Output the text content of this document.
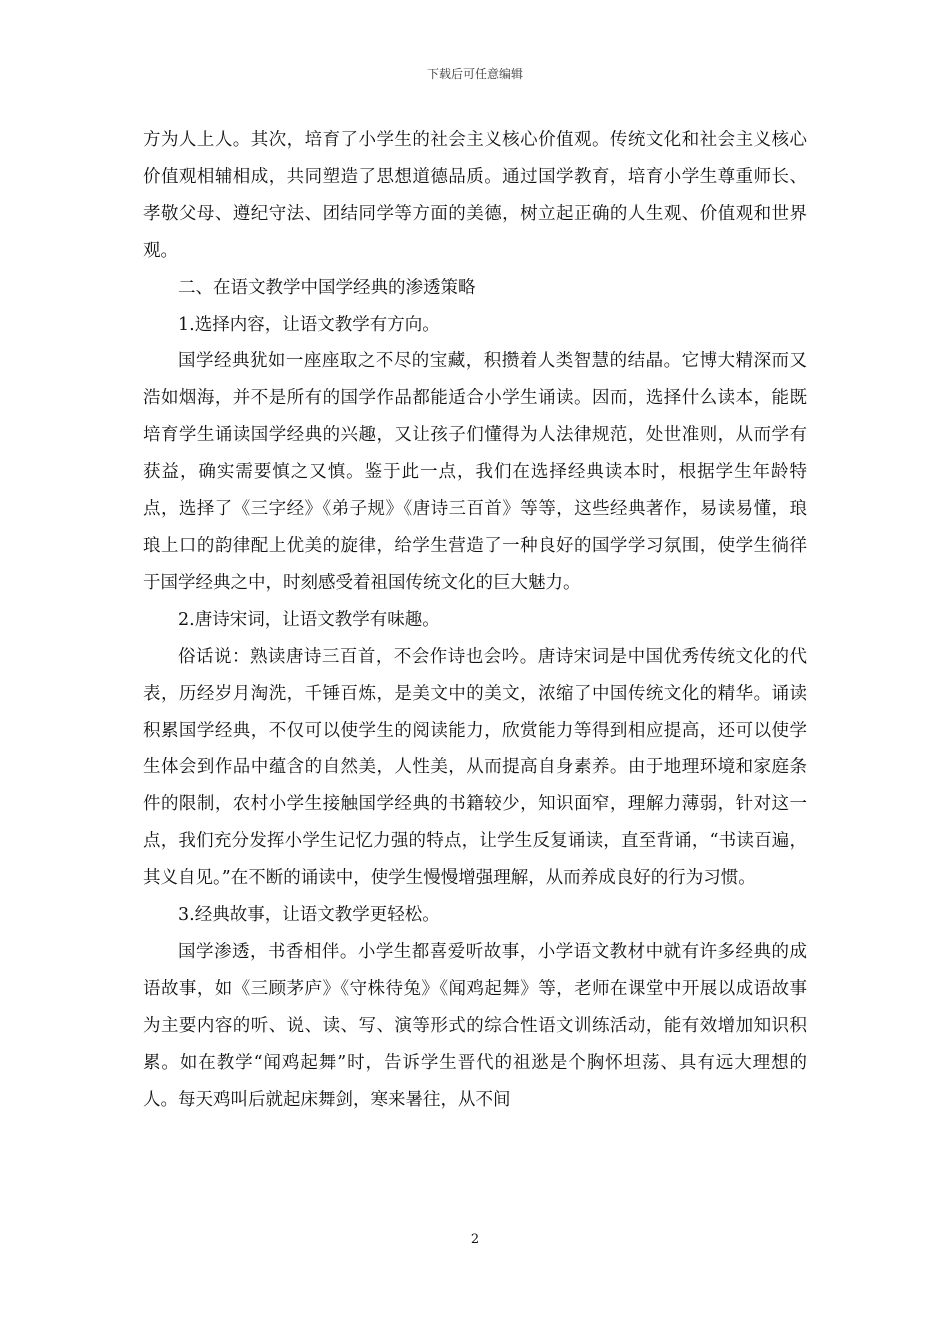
下载后可任意编辑

方为人上人。其次，培育了小学生的社会主义核心价值观。传统文化和社会主义核心价值观相辅相成，共同塑造了思想道德品质。通过国学教育，培育小学生尊重师长、孝敬父母、遵纪守法、团结同学等方面的美德，树立起正确的人生观、价值观和世界观。

二、在语文教学中国学经典的渗透策略

1.选择内容，让语文教学有方向。

国学经典犹如一座座取之不尽的宝藏，积攒着人类智慧的结晶。它博大精深而又浩如烟海，并不是所有的国学作品都能适合小学生诵读。因而，选择什么读本，能既培育学生诵读国学经典的兴趣，又让孩子们懂得为人法律规范，处世准则，从而学有获益，确实需要慎之又慎。鉴于此一点，我们在选择经典读本时，根据学生年龄特点，选择了《三字经》《弟子规》《唐诗三百首》等等，这些经典著作，易读易懂，琅琅上口的韵律配上优美的旋律，给学生营造了一种良好的国学学习氛围，使学生徜徉于国学经典之中，时刻感受着祖国传统文化的巨大魅力。

2.唐诗宋词，让语文教学有味趣。

俗话说：熟读唐诗三百首，不会作诗也会吟。唐诗宋词是中国优秀传统文化的代表，历经岁月淘洗，千锤百炼，是美文中的美文，浓缩了中国传统文化的精华。诵读积累国学经典，不仅可以使学生的阅读能力，欣赏能力等得到相应提高，还可以使学生体会到作品中蕴含的自然美，人性美，从而提高自身素养。由于地理环境和家庭条件的限制，农村小学生接触国学经典的书籍较少，知识面窄，理解力薄弱，针对这一点，我们充分发挥小学生记忆力强的特点，让学生反复诵读，直至背诵，“书读百遍，其义自见。”在不断的诵读中，使学生慢慢增强理解，从而养成良好的行为习惯。

3.经典故事，让语文教学更轻松。

国学渗透，书香相伴。小学生都喜爱听故事，小学语文教材中就有许多经典的成语故事，如《三顾茅庐》《守株待兔》《闻鸡起舞》等，老师在课堂中开展以成语故事为主要内容的听、说、读、写、演等形式的综合性语文训练活动，能有效增加知识积累。如在教学“闻鸡起舞”时，告诉学生晋代的祖逖是个胸怀坦荡、具有远大理想的人。每天鸡叫后就起床舞剑，寒来暑往，从不间

2
